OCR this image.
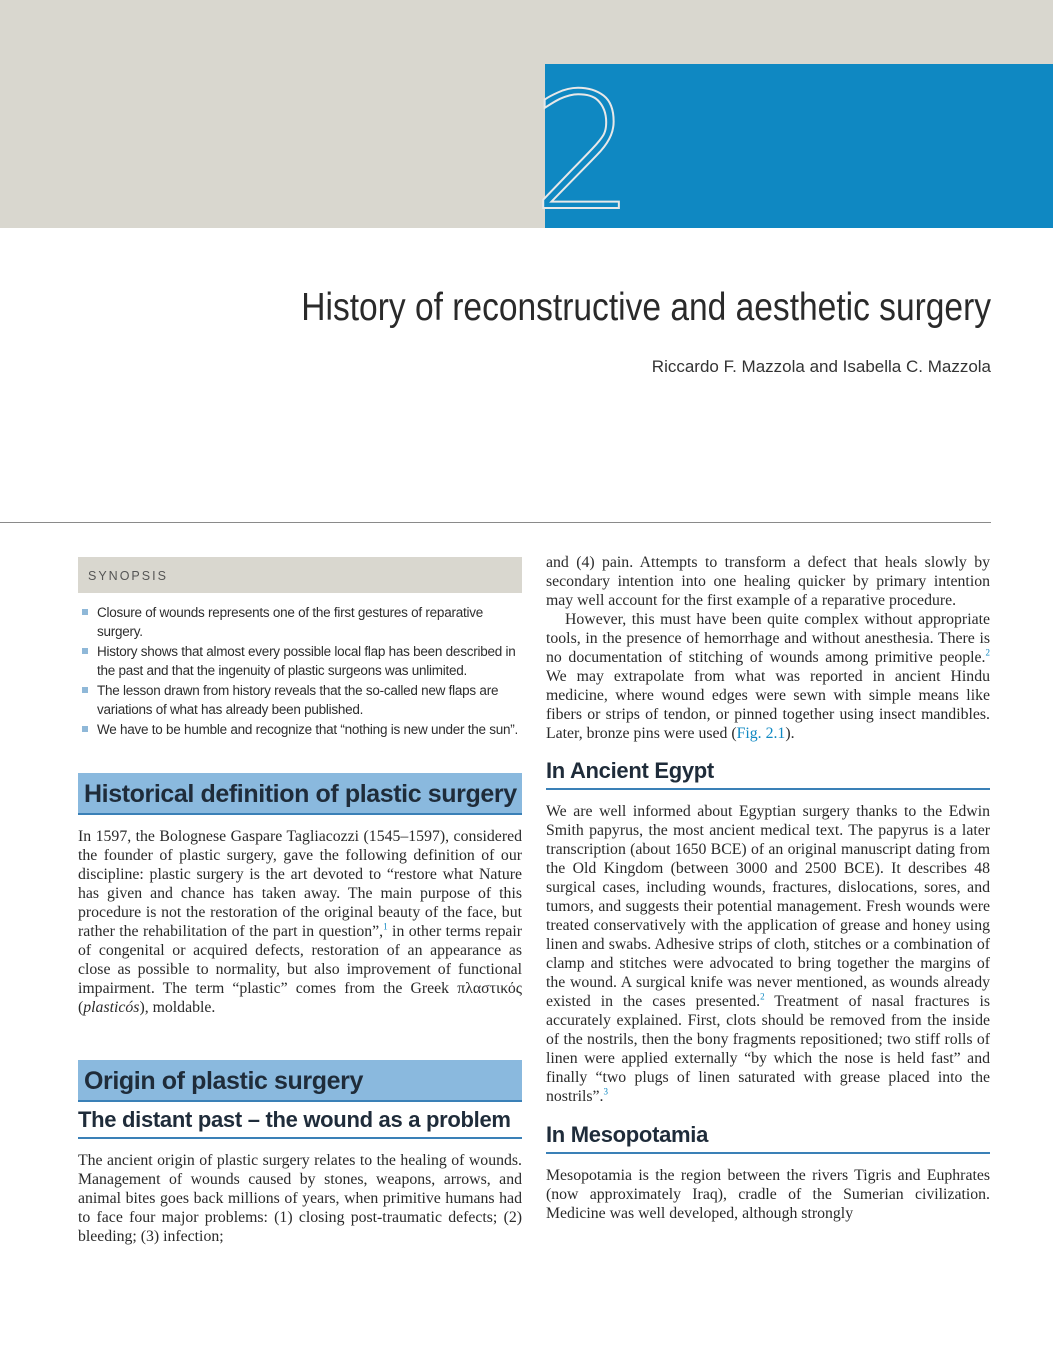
2
History of reconstructive and aesthetic surgery
Riccardo F. Mazzola and Isabella C. Mazzola
SYNOPSIS
Closure of wounds represents one of the first gestures of reparative surgery.
History shows that almost every possible local flap has been described in the past and that the ingenuity of plastic surgeons was unlimited.
The lesson drawn from history reveals that the so-called new flaps are variations of what has already been published.
We have to be humble and recognize that “nothing is new under the sun”.
Historical definition of plastic surgery

In 1597, the Bolognese Gaspare Tagliacozzi (1545–1597), considered the founder of plastic surgery, gave the following definition of our discipline: plastic surgery is the art devoted to “restore what Nature has given and chance has taken away. The main purpose of this procedure is not the restoration of the original beauty of the face, but rather the rehabilitation of the part in question”,$^1$ in other terms repair of congenital or acquired defects, restoration of an appearance as close as possible to normality, but also improvement of functional impairment. The term “plastic” comes from the Greek πλαστικός (plasticós), moldable.

Origin of plastic surgery
The distant past – the wound as a problem

The ancient origin of plastic surgery relates to the healing of wounds. Management of wounds caused by stones, weapons, arrows, and animal bites goes back millions of years, when primitive humans had to face four major problems: (1) closing post-traumatic defects; (2) bleeding; (3) infection;

and (4) pain. Attempts to transform a defect that heals slowly by secondary intention into one healing quicker by primary intention may well account for the first example of a reparative procedure.

However, this must have been quite complex without appropriate tools, in the presence of hemorrhage and without anesthesia. There is no documentation of stitching of wounds among primitive people.$^2$ We may extrapolate from what was reported in ancient Hindu medicine, where wound edges were sewn with simple means like fibers or strips of tendon, or pinned together using insect mandibles. Later, bronze pins were used (Fig. 2.1).

In Ancient Egypt

We are well informed about Egyptian surgery thanks to the Edwin Smith papyrus, the most ancient medical text. The papyrus is a later transcription (about 1650 BCE) of an original manuscript dating from the Old Kingdom (between 3000 and 2500 BCE). It describes 48 surgical cases, including wounds, fractures, dislocations, sores, and tumors, and suggests their potential management. Fresh wounds were treated conservatively with the application of grease and honey using linen and swabs. Adhesive strips of cloth, stitches or a combination of clamp and stitches were advocated to bring together the margins of the wound. A surgical knife was never mentioned, as wounds already existed in the cases presented.$^2$ Treatment of nasal fractures is accurately explained. First, clots should be removed from the inside of the nostrils, then the bony fragments repositioned; two stiff rolls of linen were applied externally “by which the nose is held fast” and finally “two plugs of linen saturated with grease placed into the nostrils”.$^3$

In Mesopotamia

Mesopotamia is the region between the rivers Tigris and Euphrates (now approximately Iraq), cradle of the Sumerian civilization. Medicine was well developed, although strongly
